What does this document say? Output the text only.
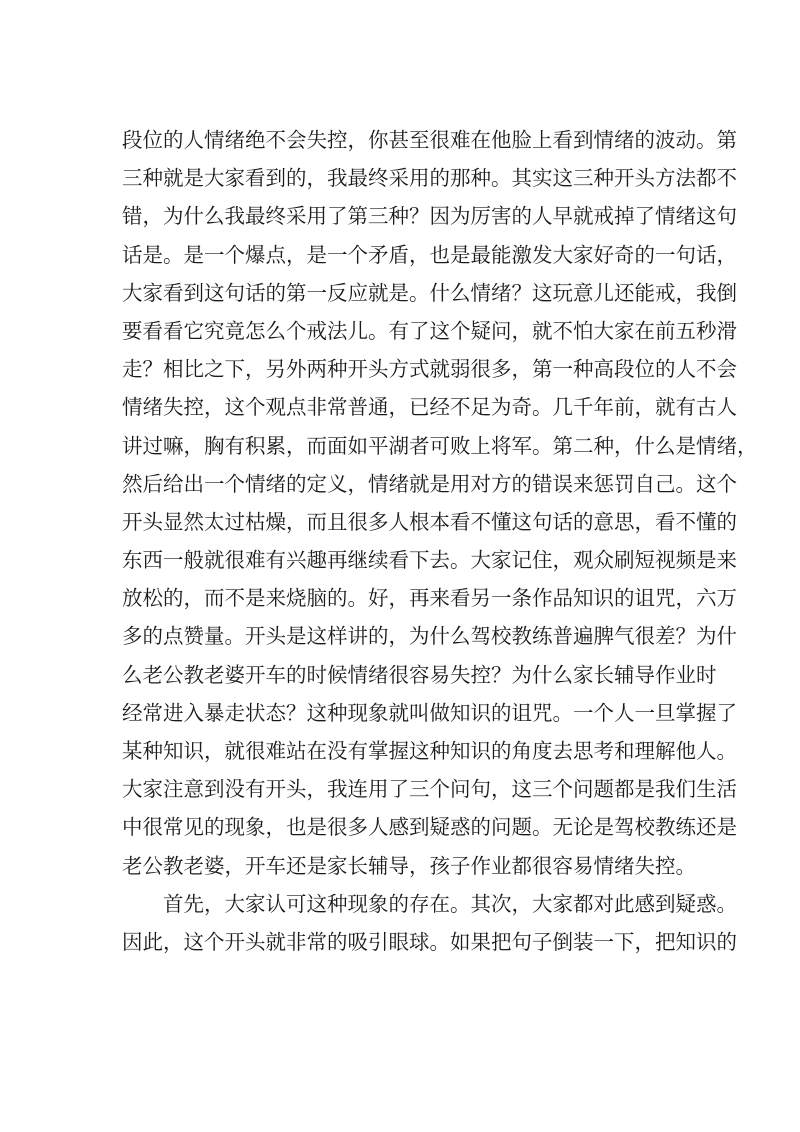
段位的人情绪绝不会失控，你甚至很难在他脸上看到情绪的波动。第
三种就是大家看到的，我最终采用的那种。其实这三种开头方法都不
错，为什么我最终采用了第三种？因为厉害的人早就戒掉了情绪这句
话是。是一个爆点，是一个矛盾，也是最能激发大家好奇的一句话，
大家看到这句话的第一反应就是。什么情绪？这玩意儿还能戒，我倒
要看看它究竟怎么个戒法儿。有了这个疑问，就不怕大家在前五秒滑
走？相比之下，另外两种开头方式就弱很多，第一种高段位的人不会
情绪失控，这个观点非常普通，已经不足为奇。几千年前，就有古人
讲过嘛，胸有积累，而面如平湖者可败上将军。第二种，什么是情绪，
然后给出一个情绪的定义，情绪就是用对方的错误来惩罚自己。这个
开头显然太过枯燥，而且很多人根本看不懂这句话的意思，看不懂的
东西一般就很难有兴趣再继续看下去。大家记住，观众刷短视频是来
放松的，而不是来烧脑的。好，再来看另一条作品知识的诅咒，六万
多的点赞量。开头是这样讲的，为什么驾校教练普遍脾气很差？为什
么老公教老婆开车的时候情绪很容易失控？为什么家长辅导作业时
经常进入暴走状态？这种现象就叫做知识的诅咒。一个人一旦掌握了
某种知识，就很难站在没有掌握这种知识的角度去思考和理解他人。
大家注意到没有开头，我连用了三个问句，这三个问题都是我们生活
中很常见的现象，也是很多人感到疑惑的问题。无论是驾校教练还是
老公教老婆，开车还是家长辅导，孩子作业都很容易情绪失控。
首先，大家认可这种现象的存在。其次，大家都对此感到疑惑。
因此，这个开头就非常的吸引眼球。如果把句子倒装一下，把知识的
